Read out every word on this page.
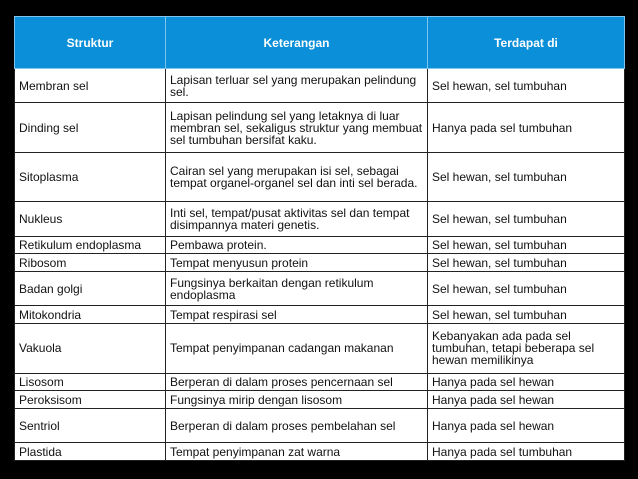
Struktur	Keterangan	Terdapat di
Membran sel	Lapisan terluar sel yang merupakan pelindung sel.	Sel hewan, sel tumbuhan
Dinding sel	Lapisan pelindung sel yang letaknya di luar membran sel, sekaligus struktur yang membuat sel tumbuhan bersifat kaku.	Hanya pada sel tumbuhan
Sitoplasma	Cairan sel yang merupakan isi sel, sebagai tempat organel-organel sel dan inti sel berada.	Sel hewan, sel tumbuhan
Nukleus	Inti sel, tempat/pusat aktivitas sel dan tempat disimpannya materi genetis.	Sel hewan, sel tumbuhan
Retikulum endoplasma	Pembawa protein.	Sel hewan, sel tumbuhan
Ribosom	Tempat menyusun protein	Sel hewan, sel tumbuhan
Badan golgi	Fungsinya berkaitan dengan retikulum endoplasma	Sel hewan, sel tumbuhan
Mitokondria	Tempat respirasi sel	Sel hewan, sel tumbuhan
Vakuola	Tempat penyimpanan cadangan makanan	Kebanyakan ada pada sel tumbuhan, tetapi beberapa sel hewan memilikinya
Lisosom	Berperan di dalam proses pencernaan sel	Hanya pada sel hewan
Peroksisom	Fungsinya mirip dengan lisosom	Hanya pada sel hewan
Sentriol	Berperan di dalam proses pembelahan sel	Hanya pada sel hewan
Plastida	Tempat penyimpanan zat warna	Hanya pada sel tumbuhan
